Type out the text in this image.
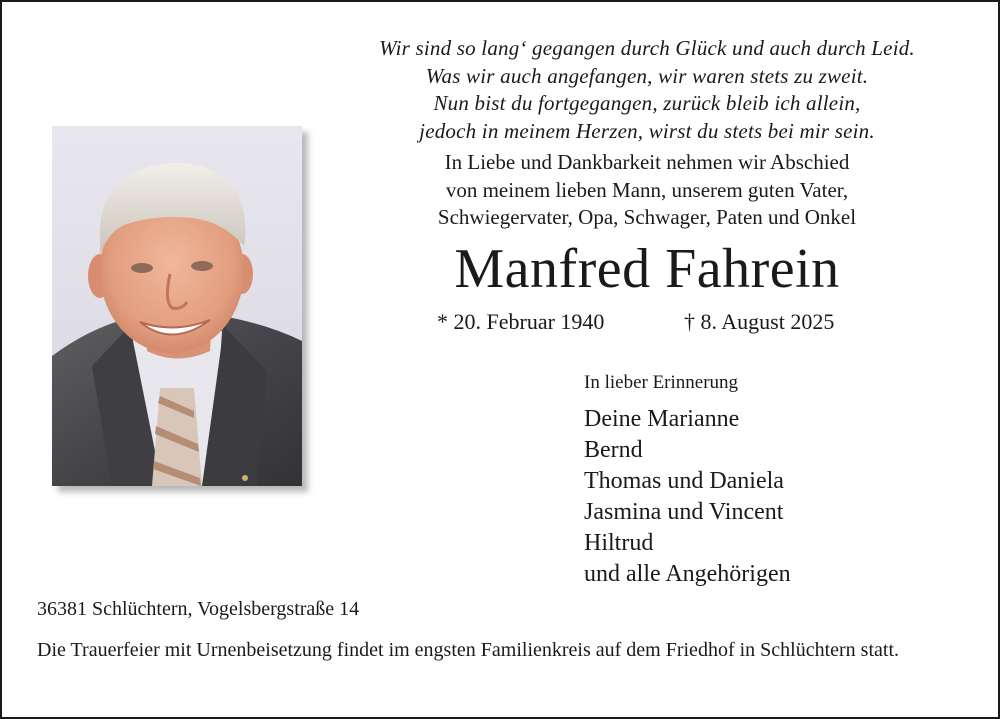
Wir sind so lang‘ gegangen durch Glück und auch durch Leid.
Was wir auch angefangen, wir waren stets zu zweit.
Nun bist du fortgegangen, zurück bleib ich allein,
jedoch in meinem Herzen, wirst du stets bei mir sein.
In Liebe und Dankbarkeit nehmen wir Abschied
von meinem lieben Mann, unserem guten Vater,
Schwiegervater, Opa, Schwager, Paten und Onkel
Manfred Fahrein
* 20. Februar 1940	† 8. August 2025
In lieber Erinnerung
Deine Marianne
Bernd
Thomas und Daniela
Jasmina und Vincent
Hiltrud
und alle Angehörigen
36381 Schlüchtern, Vogelsbergstraße 14
Die Trauerfeier mit Urnenbeisetzung findet im engsten Familienkreis auf dem Friedhof in Schlüchtern statt.
